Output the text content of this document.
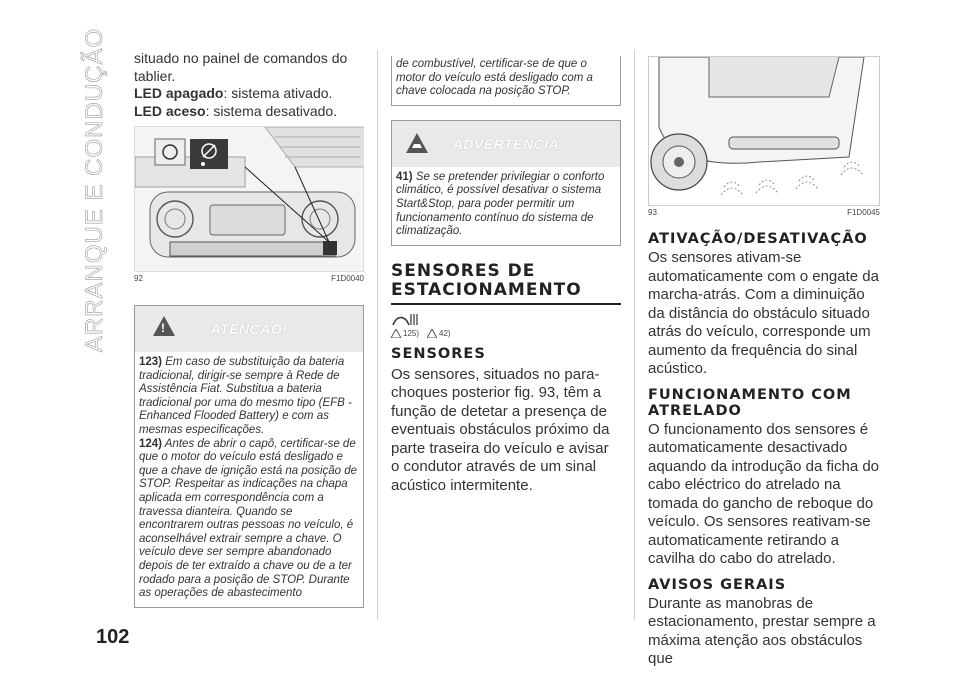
ARRANQUE E CONDUÇÃO
102

situado no painel de comandos do tablier.

LED apagado: sistema ativado.

LED aceso: sistema desativado.

92	F1D0040
!
ATENÇÃO!

123) Em caso de substituição da bateria tradicional, dirigir-se sempre à Rede de Assistência Fiat. Substitua a bateria tradicional por uma do mesmo tipo (EFB - Enhanced Flooded Battery) e com as mesmas especificações.

124) Antes de abrir o capô, certificar-se de que o motor do veículo está desligado e que a chave de ignição está na posição de STOP. Respeitar as indicações na chapa aplicada em correspondência com a travessa dianteira. Quando se encontrarem outras pessoas no veículo, é aconselhável extrair sempre a chave. O veículo deve ser sempre abandonado depois de ter extraído a chave ou de a ter rodado para a posição de STOP. Durante as operações de abastecimento

de combustível, certificar-se de que o motor do veículo está desligado com a chave colocada na posição STOP.
ADVERTÊNCIA

41) Se se pretender privilegiar o conforto climático, é possível desativar o sistema Start&Stop, para poder permitir um funcionamento contínuo do sistema de climatização.

SENSORES DE ESTACIONAMENTO
125)	42)
SENSORES

Os sensores, situados no para-choques posterior fig. 93, têm a função de detetar a presença de eventuais obstáculos próximo da parte traseira do veículo e avisar o condutor através de um sinal acústico intermitente.

93	F1D0045
ATIVAÇÃO/DESATIVAÇÃO

Os sensores ativam-se automaticamente com o engate da marcha-atrás. Com a diminuição da distância do obstáculo situado atrás do veículo, corresponde um aumento da frequência do sinal acústico.

FUNCIONAMENTO COM ATRELADO

O funcionamento dos sensores é automaticamente desactivado aquando da introdução da ficha do cabo eléctrico do atrelado na tomada do gancho de reboque do veículo. Os sensores reativam-se automaticamente retirando a cavilha do cabo do atrelado.

AVISOS GERAIS

Durante as manobras de estacionamento, prestar sempre a máxima atenção aos obstáculos que
